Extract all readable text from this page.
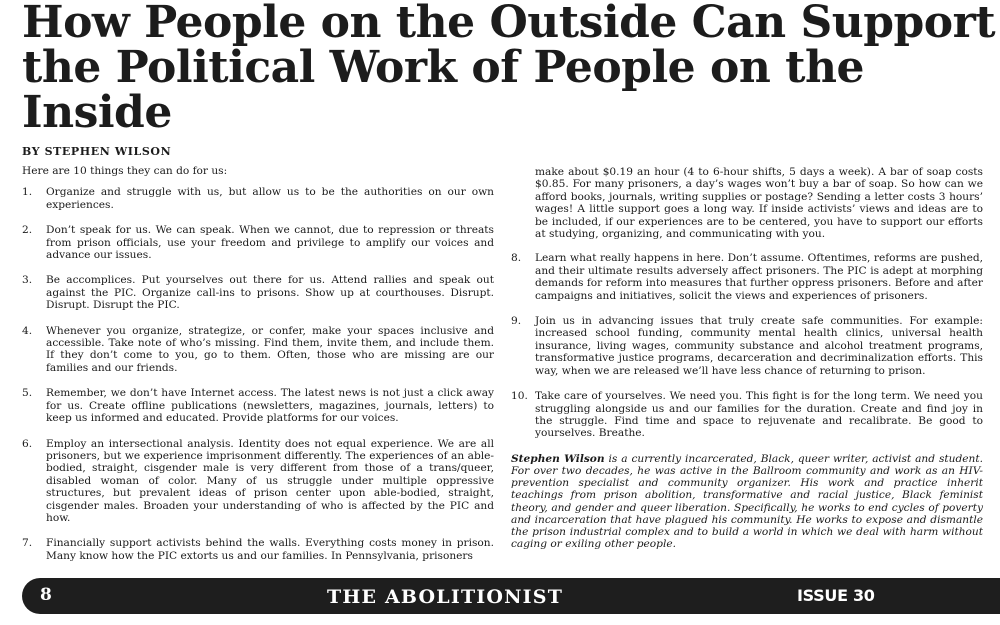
How People on the Outside Can Support the Political Work of People on the Inside
BY STEPHEN WILSON

Here are 10 things they can do for us:

1.	Organize and struggle with us, but allow us to be the authorities on our own experiences.
2.	Don’t speak for us. We can speak. When we cannot, due to repression or threats from prison officials, use your freedom and privilege to amplify our voices and advance our issues.
3.	Be accomplices. Put yourselves out there for us. Attend rallies and speak out against the PIC. Organize call-ins to prisons. Show up at courthouses. Disrupt. Disrupt. Disrupt the PIC.
4.	Whenever you organize, strategize, or confer, make your spaces inclusive and accessible. Take note of who’s missing. Find them, invite them, and include them. If they don’t come to you, go to them. Often, those who are missing are our families and our friends.
5.	Remember, we don’t have Internet access. The latest news is not just a click away for us. Create offline publications (newsletters, magazines, journals, letters) to keep us informed and educated. Provide platforms for our voices.
6.	Employ an intersectional analysis. Identity does not equal experience. We are all prisoners, but we experience imprisonment differently. The experiences of an able-bodied, straight, cisgender male is very different from those of a trans/queer, disabled woman of color. Many of us struggle under multiple oppressive structures, but prevalent ideas of prison center upon able-bodied, straight, cisgender males. Broaden your understanding of who is affected by the PIC and how.
7.	Financially support activists behind the walls. Everything costs money in prison. Many know how the PIC extorts us and our families. In Pennsylvania, prisoners
make about $0.19 an hour (4 to 6-hour shifts, 5 days a week). A bar of soap costs $0.85. For many prisoners, a day’s wages won’t buy a bar of soap. So how can we afford books, journals, writing supplies or postage? Sending a letter costs 3 hours’ wages! A little support goes a long way. If inside activists’ views and ideas are to be included, if our experiences are to be centered, you have to support our efforts at studying, organizing, and communicating with you.
8.	Learn what really happens in here. Don’t assume. Oftentimes, reforms are pushed, and their ultimate results adversely affect prisoners. The PIC is adept at morphing demands for reform into measures that further oppress prisoners. Before and after campaigns and initiatives, solicit the views and experiences of prisoners.
9.	Join us in advancing issues that truly create safe communities. For example: increased school funding, community mental health clinics, universal health insurance, living wages, community substance and alcohol treatment programs, transformative justice programs, decarceration and decriminalization efforts. This way, when we are released we’ll have less chance of returning to prison.
10. Take care of yourselves. We need you. This fight is for the long term. We need you struggling alongside us and our families for the duration. Create and find joy in the struggle. Find time and space to rejuvenate and recalibrate. Be good to yourselves. Breathe.

Stephen Wilson is a currently incarcerated, Black, queer writer, activist and student. For over two decades, he was active in the Ballroom community and work as an HIV-prevention specialist and community organizer. His work and practice inherit teachings from prison abolition, transformative and racial justice, Black feminist theory, and gender and queer liberation. Specifically, he works to end cycles of poverty and incarceration that have plagued his community. He works to expose and dismantle the prison industrial complex and to build a world in which we deal with harm without caging or exiling other people.

8	THE ABOLITIONIST	ISSUE 30
